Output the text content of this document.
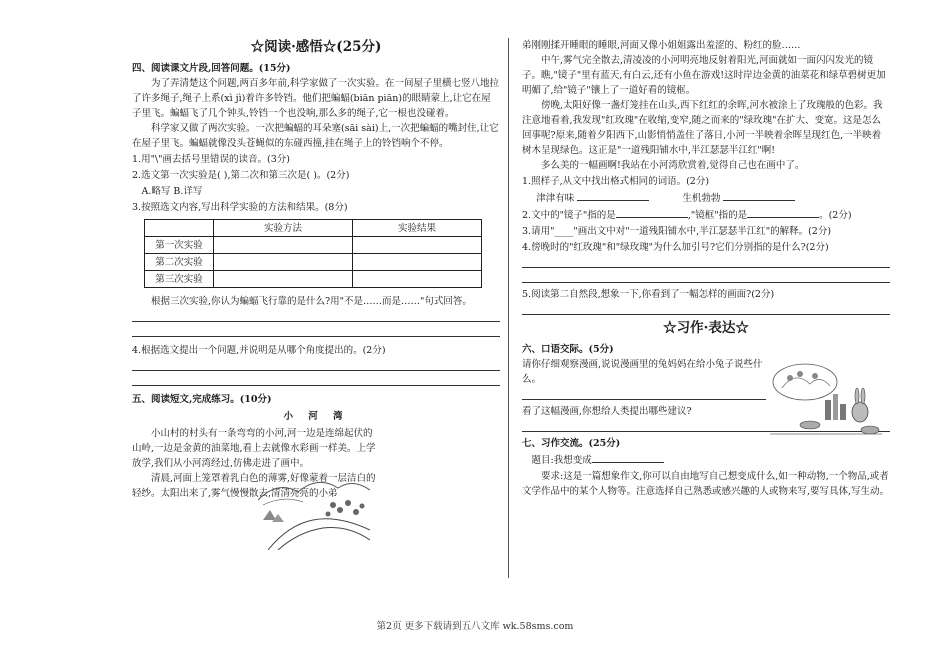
☆阅读·感悟☆(25分)
四、阅读课文片段,回答问题。(15分)
为了弄清楚这个问题,两百多年前,科学家做了一次实验。在一间屋子里横七竖八地拉了许多绳子,绳子上系(xì jì)着许多铃铛。他们把蝙蝠(biān piān)的眼睛蒙上,让它在屋子里飞。蝙蝠飞了几个钟头,铃铛一个也没响,那么多的绳子,它一根也没碰着。
科学家又做了两次实验。一次把蝙蝠的耳朵塞(sāi sài)上,一次把蝙蝠的嘴封住,让它在屋子里飞。蝙蝠就像没头苍蝇似的东碰西撞,挂在绳子上的铃铛响个不停。
1.用"\"画去括号里错误的读音。(3分)
2.选文第一次实验是( ),第二次和第三次是( )。(2分)
A.略写 B.详写
3.按照选文内容,写出科学实验的方法和结果。(8分)
	实验方法	实验结果
第一次实验		
第二次实验		
第三次实验		
根据三次实验,你认为蝙蝠飞行靠的是什么?用"不是……而是……"句式回答。
4.根据选文提出一个问题,并说明是从哪个角度提出的。(2分)
五、阅读短文,完成练习。(10分)
小 河 湾
小山村的村头有一条弯弯的小河,河一边是连绵起伏的山岭,一边是金黄的油菜地,看上去就像水彩画一样美。上学放学,我们从小河湾经过,仿佛走进了画中。
清晨,河面上笼罩着乳白色的薄雾,好像蒙着一层洁白的轻纱。太阳出来了,雾气慢慢散去,清清亮亮的小弟
弟刚刚揉开睡眼的睡眼,河面又像小姐姐露出羞涩的、粉红的脸……
中午,雾气完全散去,清凌凌的小河明亮地反射着阳光,河面就如一面闪闪发光的镜子。瞧,"镜子"里有蓝天,有白云,还有小鱼在游戏!这时岸边金黄的油菜花和绿草碧树更加明媚了,给"镜子"镶上了一道好看的镜框。
傍晚,太阳好像一盏灯笼挂在山头,西下红红的余晖,河水被涂上了玫瑰般的色彩。我注意地看着,我发现"红玫瑰"在收缩,变窄,随之而来的"绿玫瑰"在扩大、变宽。这是怎么回事呢?原来,随着夕阳西下,山影悄悄盖住了落日,小河一半映着余晖呈现红色,一半映着树木呈现绿色。这正是"一道残阳铺水中,半江瑟瑟半江红"啊!
多么美的一幅画啊!我站在小河湾欣赏着,觉得自己也在画中了。
1.照样子,从文中找出格式相同的词语。(2分)
津津有味	生机勃勃
2.文中的"镜子"指的是	,"镜框"指的是	。(2分)
3.请用"____"画出文中对"一道残阳铺水中,半江瑟瑟半江红"的解释。(2分)
4.傍晚时的"红玫瑰"和"绿玫瑰"为什么加引号?它们分别指的是什么?(2分)
5.阅读第二自然段,想象一下,你看到了一幅怎样的画面?(2分)
☆习作·表达☆
六、口语交际。(5分)
请你仔细观察漫画,说说漫画里的兔妈妈在给小兔子说些什么。
看了这幅漫画,你想给人类提出哪些建议?
七、习作交流。(25分)
题目:我想变成
要求:这是一篇想象作文,你可以自由地写自己想变成什么,如一种动物,一个物品,或者文学作品中的某个人物等。注意选择自己熟悉或感兴趣的人或物来写,要写具体,写生动。
第2页 更多下载请到五八文库 wk.58sms.com
